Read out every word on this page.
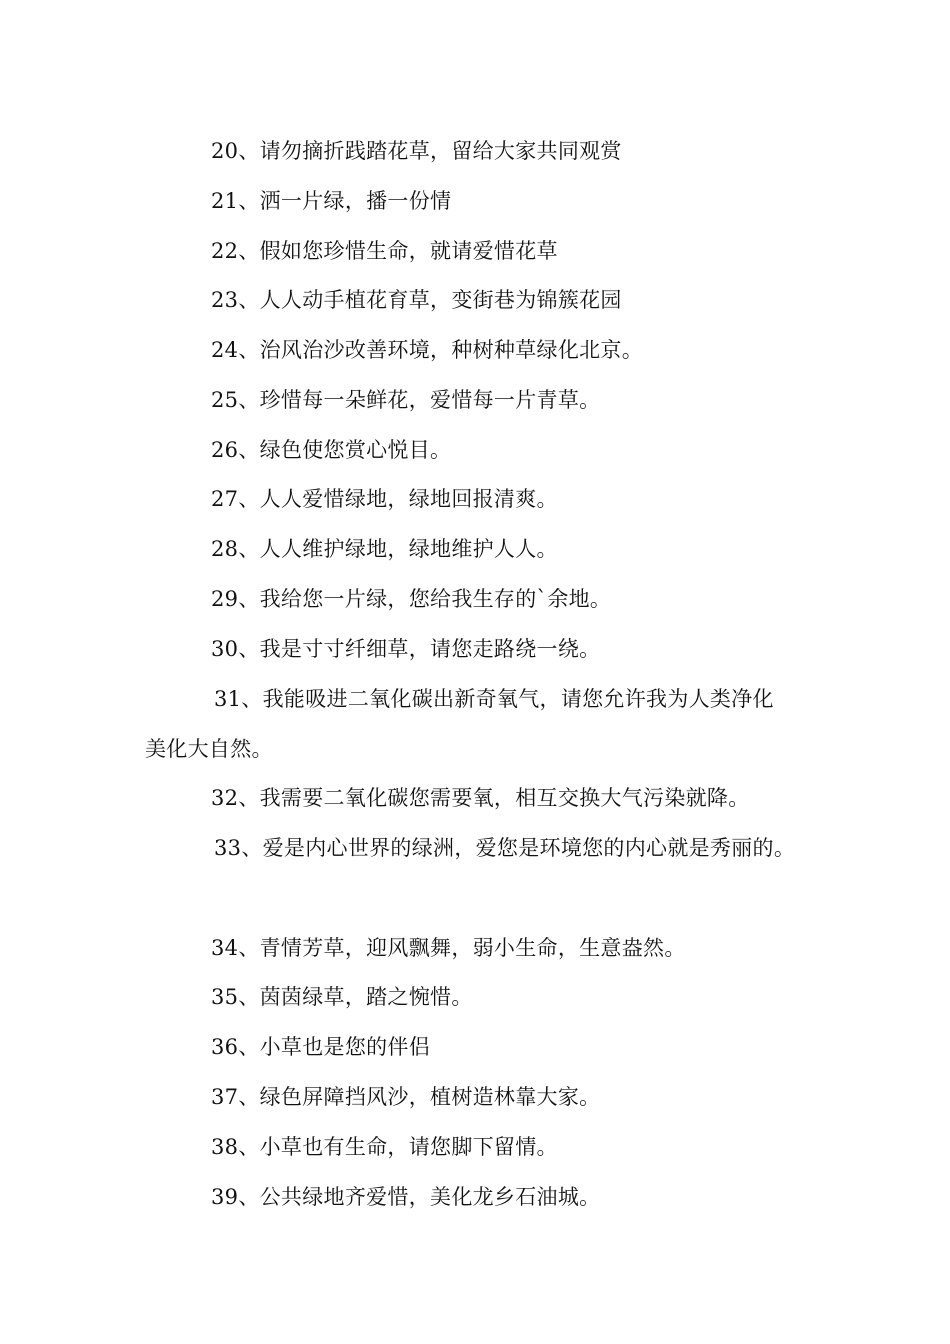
20、请勿摘折践踏花草，留给大家共同观赏
21、洒一片绿，播一份情
22、假如您珍惜生命，就请爱惜花草
23、人人动手植花育草，变街巷为锦簇花园
24、治风治沙改善环境，种树种草绿化北京。
25、珍惜每一朵鲜花，爱惜每一片青草。
26、绿色使您赏心悦目。
27、人人爱惜绿地，绿地回报清爽。
28、人人维护绿地，绿地维护人人。
29、我给您一片绿，您给我生存的`余地。
30、我是寸寸纤细草，请您走路绕一绕。
31、我能吸进二氧化碳出新奇氧气，请您允许我为人类净化
美化大自然。
32、我需要二氧化碳您需要氧，相互交换大气污染就降。
33、爱是内心世界的绿洲，爱您是环境您的内心就是秀丽的。
34、青情芳草，迎风飘舞，弱小生命，生意盎然。
35、茵茵绿草，踏之惋惜。
36、小草也是您的伴侣
37、绿色屏障挡风沙，植树造林靠大家。
38、小草也有生命，请您脚下留情。
39、公共绿地齐爱惜，美化龙乡石油城。
